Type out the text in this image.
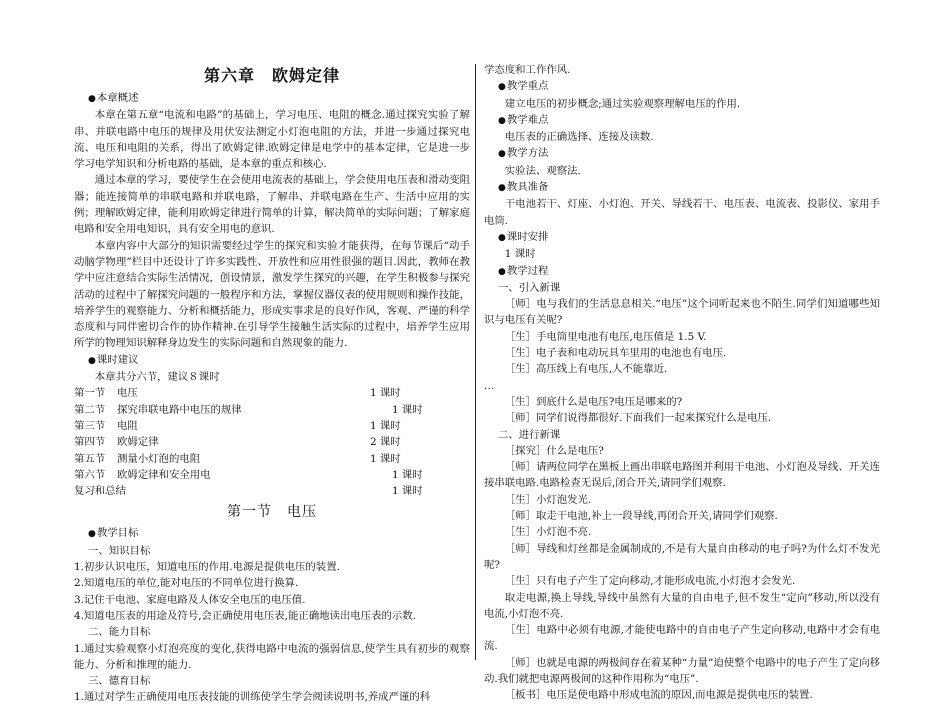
第六章　欧姆定律
● 本章概述
本章在第五章“电流和电路”的基础上，学习电压、电阻的概念.通过探究实验了解串、并联电路中电压的规律及用伏安法测定小灯泡电阻的方法，并进一步通过探究电流、电压和电阻的关系，得出了欧姆定律.欧姆定律是电学中的基本定律，它是进一步学习电学知识和分析电路的基础，是本章的重点和核心.
通过本章的学习，要使学生在会使用电流表的基础上，学会使用电压表和滑动变阻器；能连接简单的串联电路和并联电路，了解串、并联电路在生产、生活中应用的实例；理解欧姆定律，能利用欧姆定律进行简单的计算，解决简单的实际问题；了解家庭电路和安全用电知识，具有安全用电的意识.
本章内容中大部分的知识需要经过学生的探究和实验才能获得，在每节课后“动手动脑学物理”栏目中还设计了许多实践性、开放性和应用性很强的题目.因此，教师在教学中应注意结合实际生活情况，创设情景，激发学生探究的兴趣，在学生积极参与探究活动的过程中了解探究问题的一般程序和方法，掌握仪器仪表的使用规则和操作技能，培养学生的观察能力、分析和概括能力，形成实事求是的良好作风，客观、严谨的科学态度和与同伴密切合作的协作精神.在引导学生接触生活实际的过程中，培养学生应用所学的物理知识解释身边发生的实际问题和自然现象的能力.
● 课时建议
本章共分六节，建议８课时
第一节	电压	1 课时
第二节	探究串联电路中电压的规律	1 课时
第三节	电阻	1 课时
第四节	欧姆定律	2 课时
第五节	测量小灯泡的电阻	1 课时
第六节	欧姆定律和安全用电	1 课时
复习和总结	1 课时
第一节　电压
● 教学目标
一、知识目标
1.初步认识电压，知道电压的作用.电源是提供电压的装置.
2.知道电压的单位,能对电压的不同单位进行换算.
3.记住干电池、家庭电路及人体安全电压的电压值.
4.知道电压表的用途及符号,会正确使用电压表,能正确地读出电压表的示数.
二、能力目标
1.通过实验观察小灯泡亮度的变化,获得电路中电流的强弱信息,使学生具有初步的观察能力、分析和推理的能力.
三、德育目标
1.通过对学生正确使用电压表技能的训练使学生学会阅读说明书,养成严谨的科
学态度和工作作风.
● 教学重点
建立电压的初步概念;通过实验观察理解电压的作用.
● 教学难点
电压表的正确选择、连接及读数.
● 教学方法
实验法、观察法.
● 教具准备
干电池若干、灯座、小灯泡、开关、导线若干、电压表、电流表、投影仪、家用手电筒.
● 课时安排
1 课时
● 教学过程
一、引入新课
［师］电与我们的生活息息相关.“电压”这个词听起来也不陌生.同学们知道哪些知识与电压有关呢?
［生］手电筒里电池有电压,电压值是 1.5 V.
［生］电子表和电动玩具车里用的电池也有电压.
［生］高压线上有电压,人不能靠近.
…
［生］到底什么是电压?电压是哪来的?
［师］同学们说得都很好.下面我们一起来探究什么是电压.
二、进行新课
［探究］什么是电压?
［师］请两位同学在黑板上画出串联电路图并利用干电池、小灯泡及导线、开关连接串联电路.电路检查无误后,闭合开关,请同学们观察.
［生］小灯泡发光.
［师］取走干电池,补上一段导线,再闭合开关,请同学们观察.
［生］小灯泡不亮.
［师］导线和灯丝都是金属制成的,不是有大量自由移动的电子吗?为什么灯不发光呢?
［生］只有电子产生了定向移动,才能形成电流,小灯泡才会发光.
取走电源,换上导线,导线中虽然有大量的自由电子,但不发生“定向”移动,所以没有电流,小灯泡不亮.
［生］电路中必须有电源,才能使电路中的自由电子产生定向移动,电路中才会有电流.
［师］也就是电源的两极间存在着某种“力量”迫使整个电路中的电子产生了定向移动.我们就把电源两极间的这种作用称为“电压”.
［板书］电压是使电路中形成电流的原因,而电源是提供电压的装置.
